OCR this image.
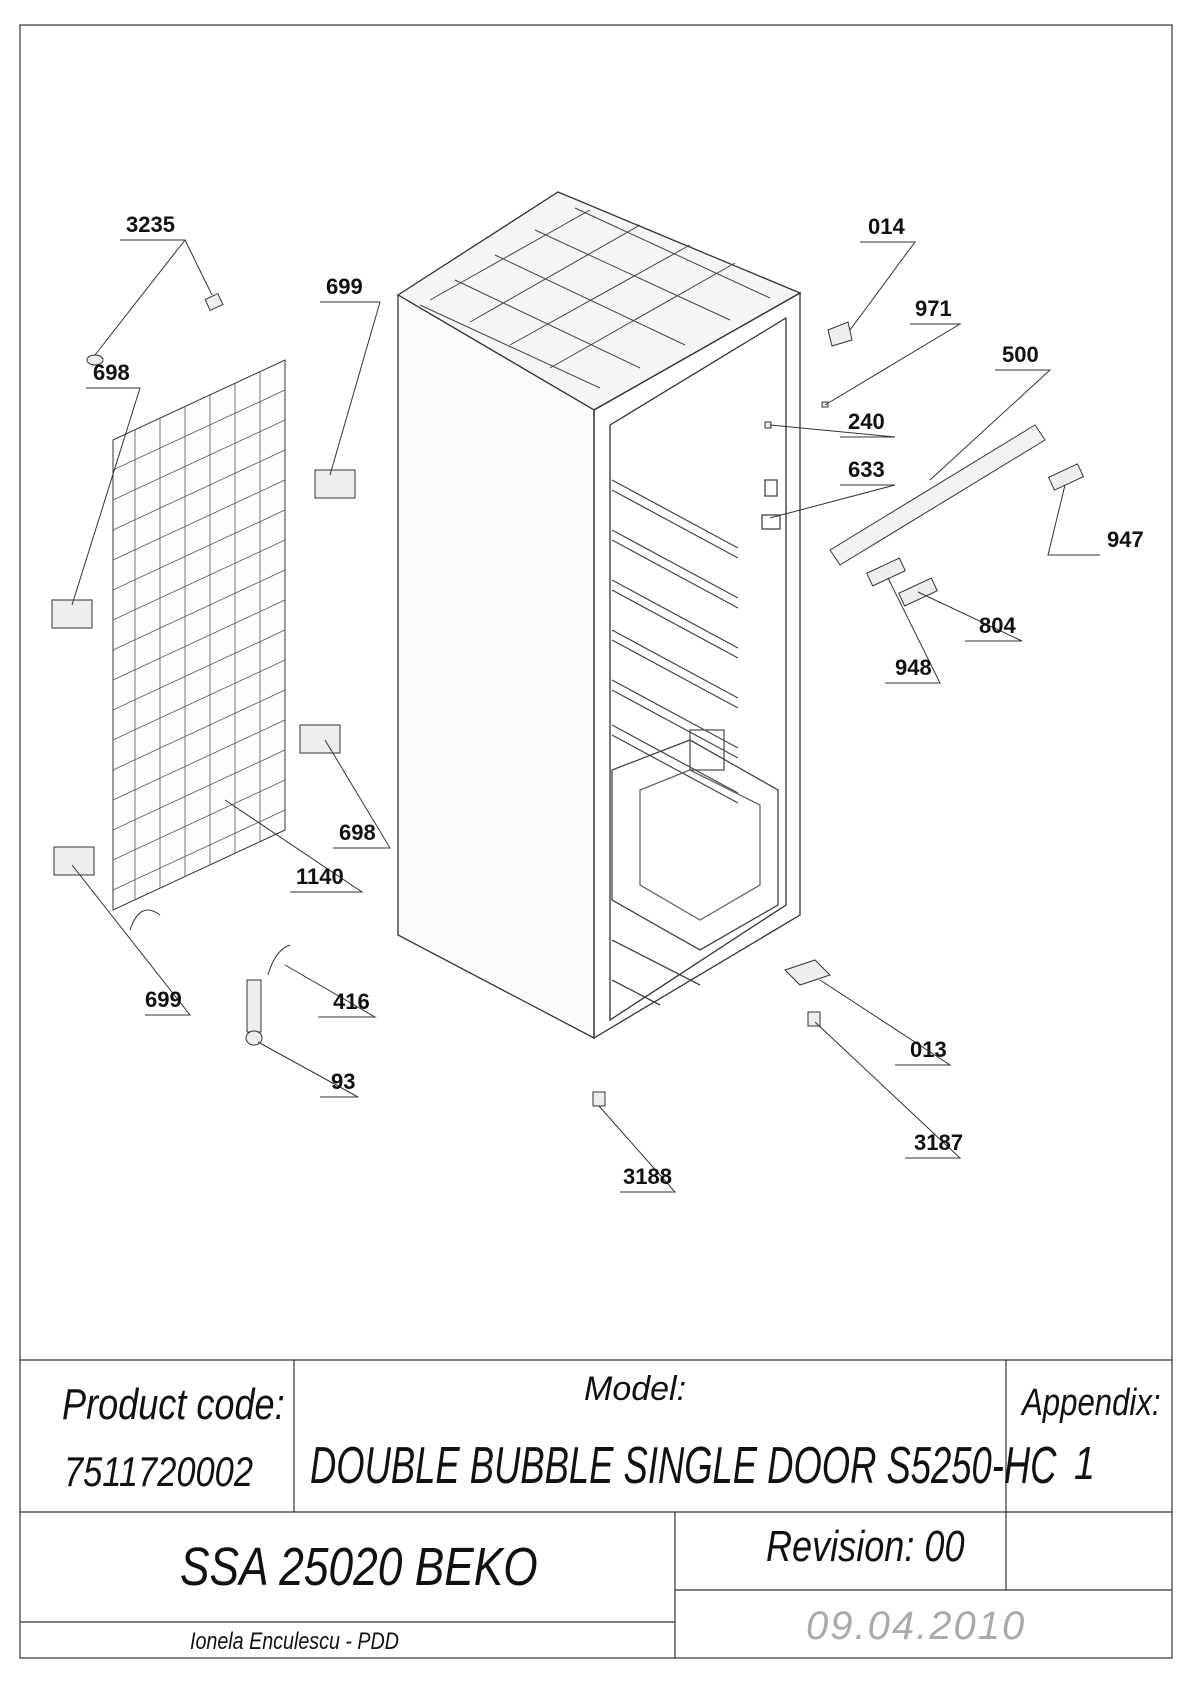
3235
699
698
014
971
500
240
633
947
804
948
698
1140
699	416
013
93
3187
3188
Product code:
7511720002
Model:
DOUBLE BUBBLE SINGLE DOOR S5250-HC
Appendix:
1
SSA 25020 BEKO	Revision: 00
Ionela Enculescu - PDD	09.04.2010
